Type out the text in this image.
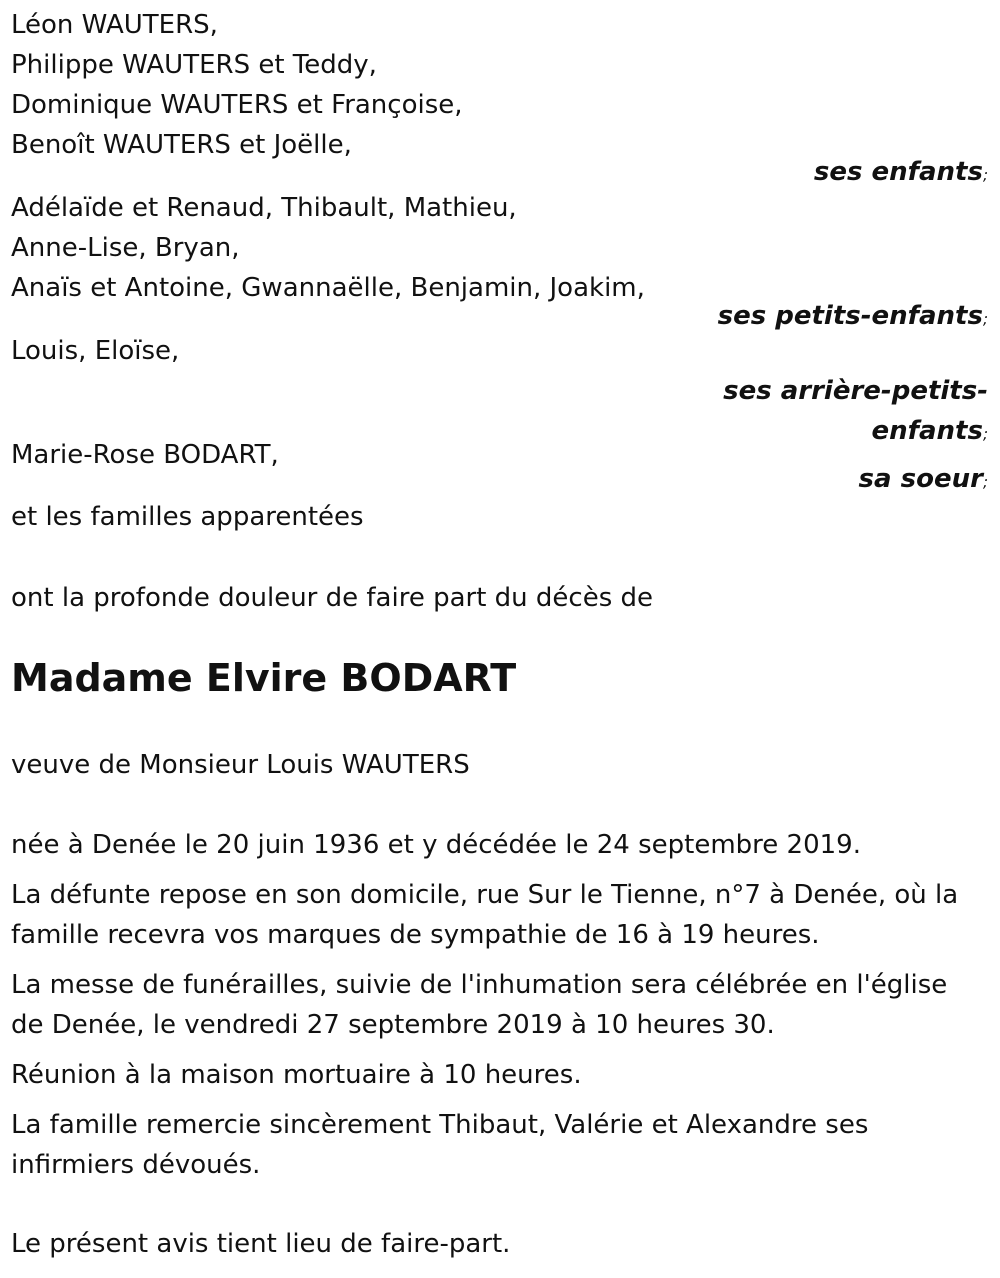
Léon WAUTERS,
Philippe WAUTERS et Teddy,
Dominique WAUTERS et Françoise,
Benoît WAUTERS et Joëlle,
ses enfants;
Adélaïde et Renaud, Thibault, Mathieu,
Anne-Lise, Bryan,
Anaïs et Antoine, Gwannaëlle, Benjamin, Joakim,
ses petits-enfants;
Louis, Eloïse,
ses arrière-petits-
enfants;
Marie-Rose BODART,
sa soeur;
et les familles apparentées
ont la profonde douleur de faire part du décès de
Madame Elvire BODART
veuve de Monsieur Louis WAUTERS

née à Denée le 20 juin 1936 et y décédée le 24 septembre 2019.

La défunte repose en son domicile, rue Sur le Tienne, n°7 à Denée, où la famille recevra vos marques de sympathie de 16 à 19 heures.

La messe de funérailles, suivie de l'inhumation sera célébrée en l'église de Denée, le vendredi 27 septembre 2019 à 10 heures 30.

Réunion à la maison mortuaire à 10 heures.

La famille remercie sincèrement Thibaut, Valérie et Alexandre ses infirmiers dévoués.

Le présent avis tient lieu de faire-part.
